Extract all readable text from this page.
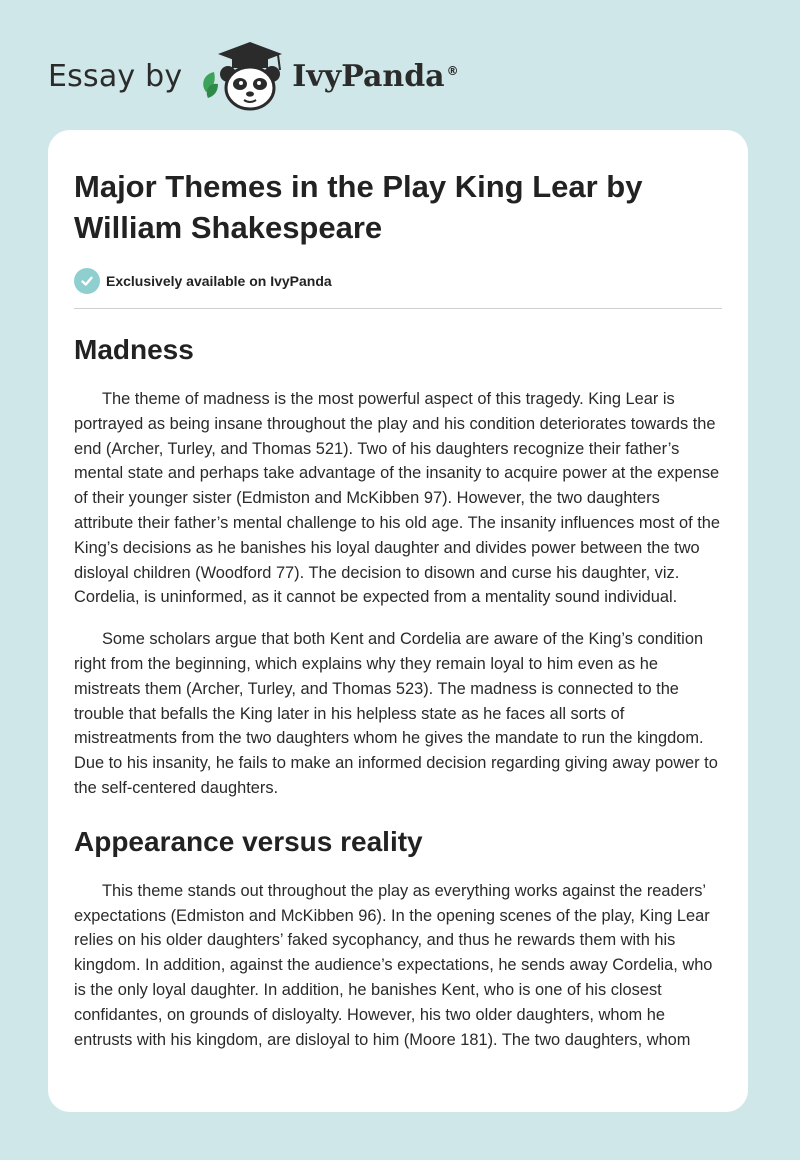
Essay by	IvyPanda ®
Major Themes in the Play King Lear by William Shakespeare
Exclusively available on IvyPanda
Madness

The theme of madness is the most powerful aspect of this tragedy. King Lear is portrayed as being insane throughout the play and his condition deteriorates towards the end (Archer, Turley, and Thomas 521). Two of his daughters recognize their father’s mental state and perhaps take advantage of the insanity to acquire power at the expense of their younger sister (Edmiston and McKibben 97). However, the two daughters attribute their father’s mental challenge to his old age. The insanity influences most of the King’s decisions as he banishes his loyal daughter and divides power between the two disloyal children (Woodford 77). The decision to disown and curse his daughter, viz. Cordelia, is uninformed, as it cannot be expected from a mentality sound individual.

Some scholars argue that both Kent and Cordelia are aware of the King’s condition right from the beginning, which explains why they remain loyal to him even as he mistreats them (Archer, Turley, and Thomas 523). The madness is connected to the trouble that befalls the King later in his helpless state as he faces all sorts of mistreatments from the two daughters whom he gives the mandate to run the kingdom. Due to his insanity, he fails to make an informed decision regarding giving away power to the self-centered daughters.

Appearance versus reality

This theme stands out throughout the play as everything works against the readers’ expectations (Edmiston and McKibben 96). In the opening scenes of the play, King Lear relies on his older daughters’ faked sycophancy, and thus he rewards them with his kingdom. In addition, against the audience’s expectations, he sends away Cordelia, who is the only loyal daughter. In addition, he banishes Kent, who is one of his closest confidantes, on grounds of disloyalty. However, his two older daughters, whom he entrusts with his kingdom, are disloyal to him (Moore 181). The two daughters, whom
